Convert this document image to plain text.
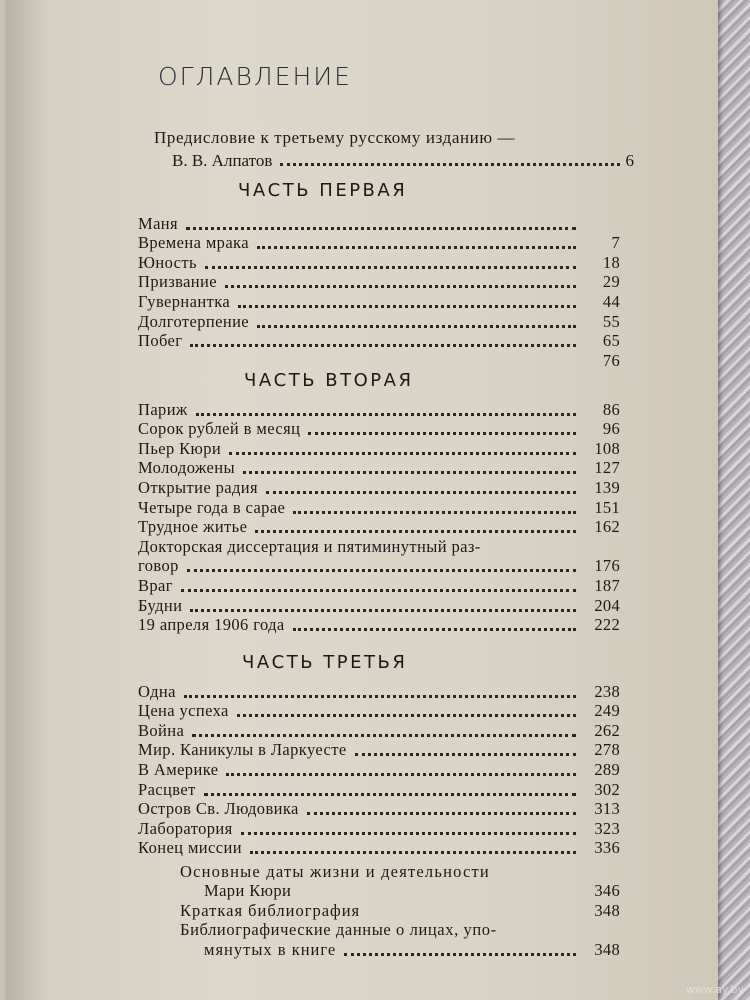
ОГЛАВЛЕНИЕ
Предисловие к третьему русскому изданию —
В. В. Алпатов	6
ЧАСТЬ ПЕРВАЯ
Маня
Времена мрака	7
Юность	18
Призвание	29
Гувернантка	44
Долготерпение	55
Побег	65
76
ЧАСТЬ ВТОРАЯ
Париж	86
Сорок рублей в месяц	96
Пьер Кюри	108
Молодожены	127
Открытие радия	139
Четыре года в сарае	151
Трудное житье	162
Докторская диссертация и пятиминутный раз-
говор	176
Враг	187
Будни	204
19 апреля 1906 года	222
ЧАСТЬ ТРЕТЬЯ
Одна	238
Цена успеха	249
Война	262
Мир. Каникулы в Ларкуесте	278
В Америке	289
Расцвет	302
Остров Св. Людовика	313
Лаборатория	323
Конец миссии	336
Основные даты жизни и деятельности
Мари Кюри	346
Краткая библиография	348
Библиографические данные о лицах, упо-
мянутых в книге	348
www.ay.by
